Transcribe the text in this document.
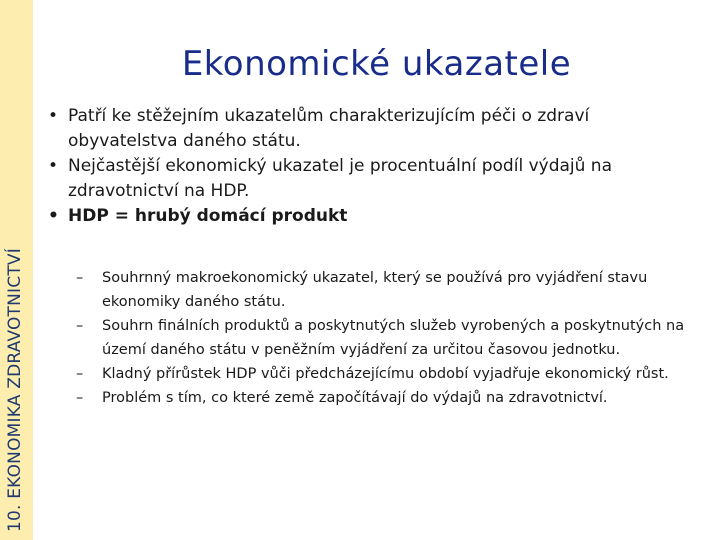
10. EKONOMIKA ZDRAVOTNICTVÍ
Ekonomické ukazatele
• Patří ke stěžejním ukazatelům charakterizujícím péči o zdraví obyvatelstva daného státu.
• Nejčastější ekonomický ukazatel je procentuální podíl výdajů na zdravotnictví na HDP.
• HDP = hrubý domácí produkt
– Souhrnný makroekonomický ukazatel, který se používá pro vyjádření stavu ekonomiky daného státu.
– Souhrn finálních produktů a poskytnutých služeb vyrobených a poskytnutých na území daného státu v peněžním vyjádření za určitou časovou jednotku.
– Kladný přírůstek HDP vůči předcházejícímu období vyjadřuje ekonomický růst.
– Problém s tím, co které země započítávají do výdajů na zdravotnictví.
